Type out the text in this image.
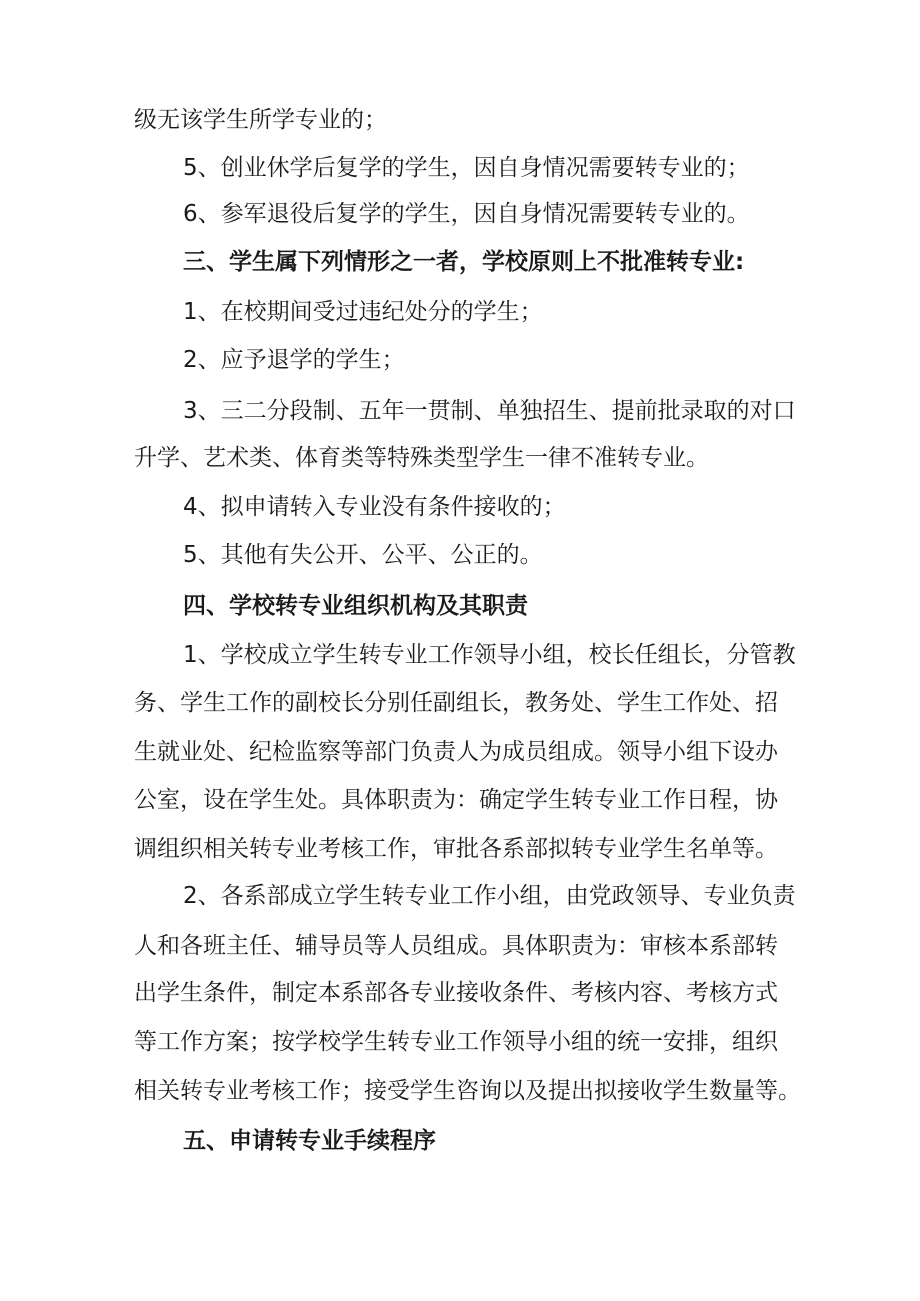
级无该学生所学专业的；
5、创业休学后复学的学生，因自身情况需要转专业的；
6、参军退役后复学的学生，因自身情况需要转专业的。
三、学生属下列情形之一者，学校原则上不批准转专业:
1、在校期间受过违纪处分的学生；
2、应予退学的学生；
3、三二分段制、五年一贯制、单独招生、提前批录取的对口
升学、艺术类、体育类等特殊类型学生一律不准转专业。
4、拟申请转入专业没有条件接收的；
5、其他有失公开、公平、公正的。
四、学校转专业组织机构及其职责
1、学校成立学生转专业工作领导小组，校长任组长，分管教
务、学生工作的副校长分别任副组长，教务处、学生工作处、招
生就业处、纪检监察等部门负责人为成员组成。领导小组下设办
公室，设在学生处。具体职责为：确定学生转专业工作日程，协
调组织相关转专业考核工作，审批各系部拟转专业学生名单等。
2、各系部成立学生转专业工作小组，由党政领导、专业负责
人和各班主任、辅导员等人员组成。具体职责为：审核本系部转
出学生条件，制定本系部各专业接收条件、考核内容、考核方式
等工作方案；按学校学生转专业工作领导小组的统一安排，组织
相关转专业考核工作；接受学生咨询以及提出拟接收学生数量等。
五、申请转专业手续程序
